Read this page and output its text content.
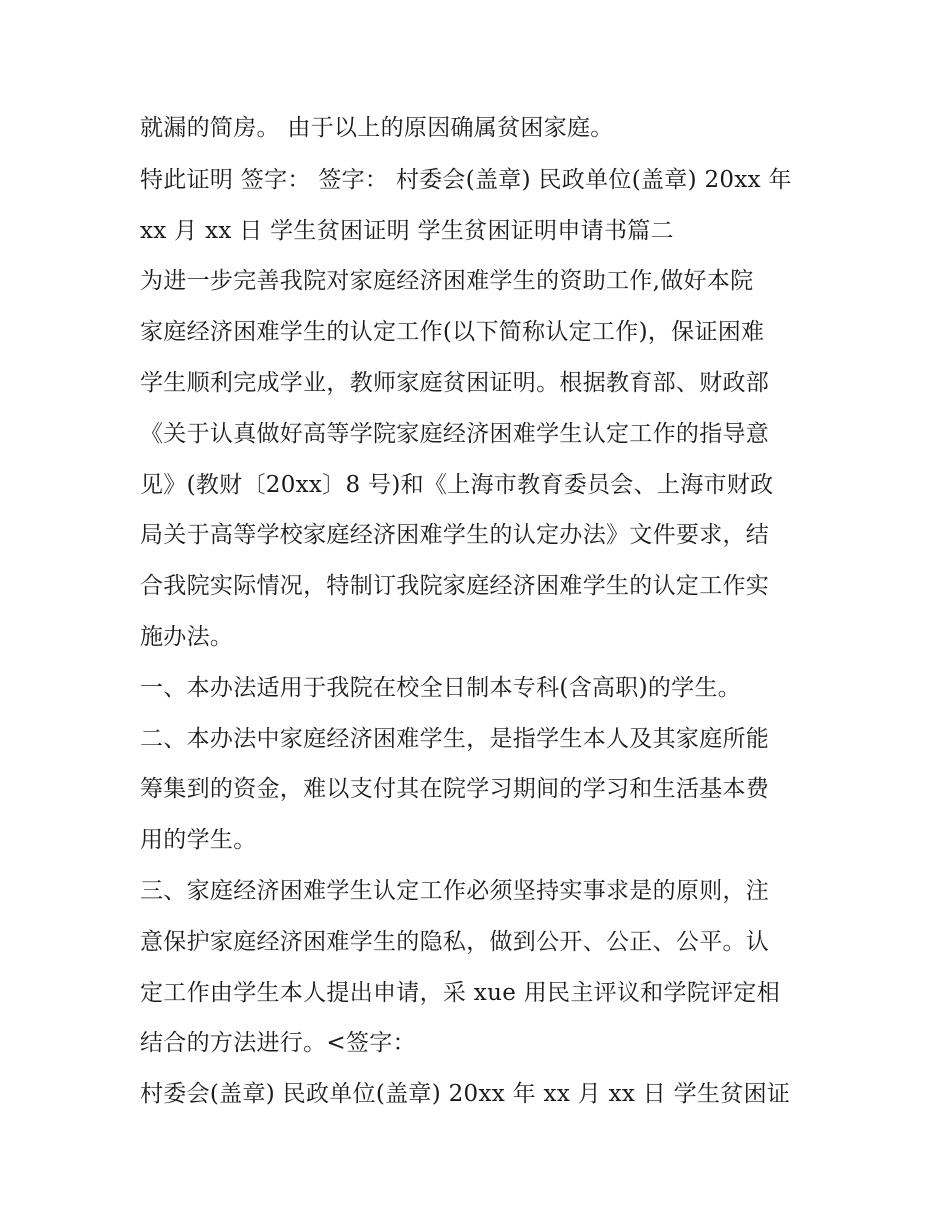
就漏的简房。 由于以上的原因确属贫困家庭。
特此证明 签字： 签字： 村委会(盖章) 民政单位(盖章) 20xx 年
xx 月 xx 日 学生贫困证明 学生贫困证明申请书篇二
为进一步完善我院对家庭经济困难学生的资助工作,做好本院
家庭经济困难学生的认定工作(以下简称认定工作)，保证困难
学生顺利完成学业，教师家庭贫困证明。根据教育部、财政部
《关于认真做好高等学院家庭经济困难学生认定工作的指导意
见》(教财〔20xx〕8 号)和《上海市教育委员会、上海市财政
局关于高等学校家庭经济困难学生的认定办法》文件要求，结
合我院实际情况，特制订我院家庭经济困难学生的认定工作实
施办法。
一、本办法适用于我院在校全日制本专科(含高职)的学生。
二、本办法中家庭经济困难学生，是指学生本人及其家庭所能
筹集到的资金，难以支付其在院学习期间的学习和生活基本费
用的学生。
三、家庭经济困难学生认定工作必须坚持实事求是的原则，注
意保护家庭经济困难学生的隐私，做到公开、公正、公平。认
定工作由学生本人提出申请，采 xue 用民主评议和学院评定相
结合的方法进行。<签字：
村委会(盖章) 民政单位(盖章) 20xx 年 xx 月 xx 日 学生贫困证
